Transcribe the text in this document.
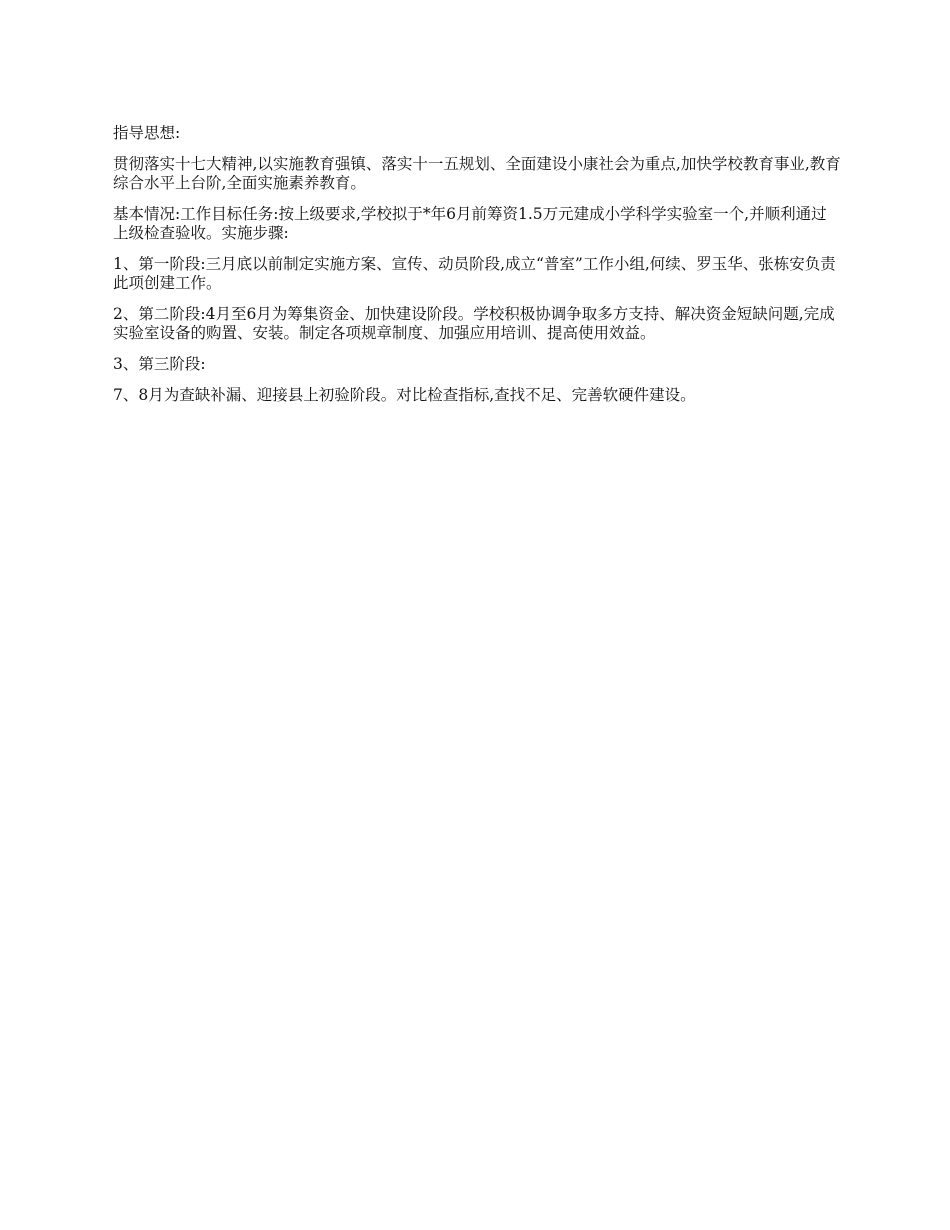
指导思想:

贯彻落实十七大精神,以实施教育强镇、落实十一五规划、全面建设小康社会为重点,加快学校教育事业,教育综合水平上台阶,全面实施素养教育。

基本情况:工作目标任务:按上级要求,学校拟于*年6月前筹资1.5万元建成小学科学实验室一个,并顺利通过上级检查验收。实施步骤:

1、第一阶段:三月底以前制定实施方案、宣传、动员阶段,成立“普室”工作小组,何续、罗玉华、张栋安负责此项创建工作。

2、第二阶段:4月至6月为筹集资金、加快建设阶段。学校积极协调争取多方支持、解决资金短缺问题,完成实验室设备的购置、安装。制定各项规章制度、加强应用培训、提高使用效益。

3、第三阶段:

7、8月为查缺补漏、迎接县上初验阶段。对比检查指标,查找不足、完善软硬件建设。
